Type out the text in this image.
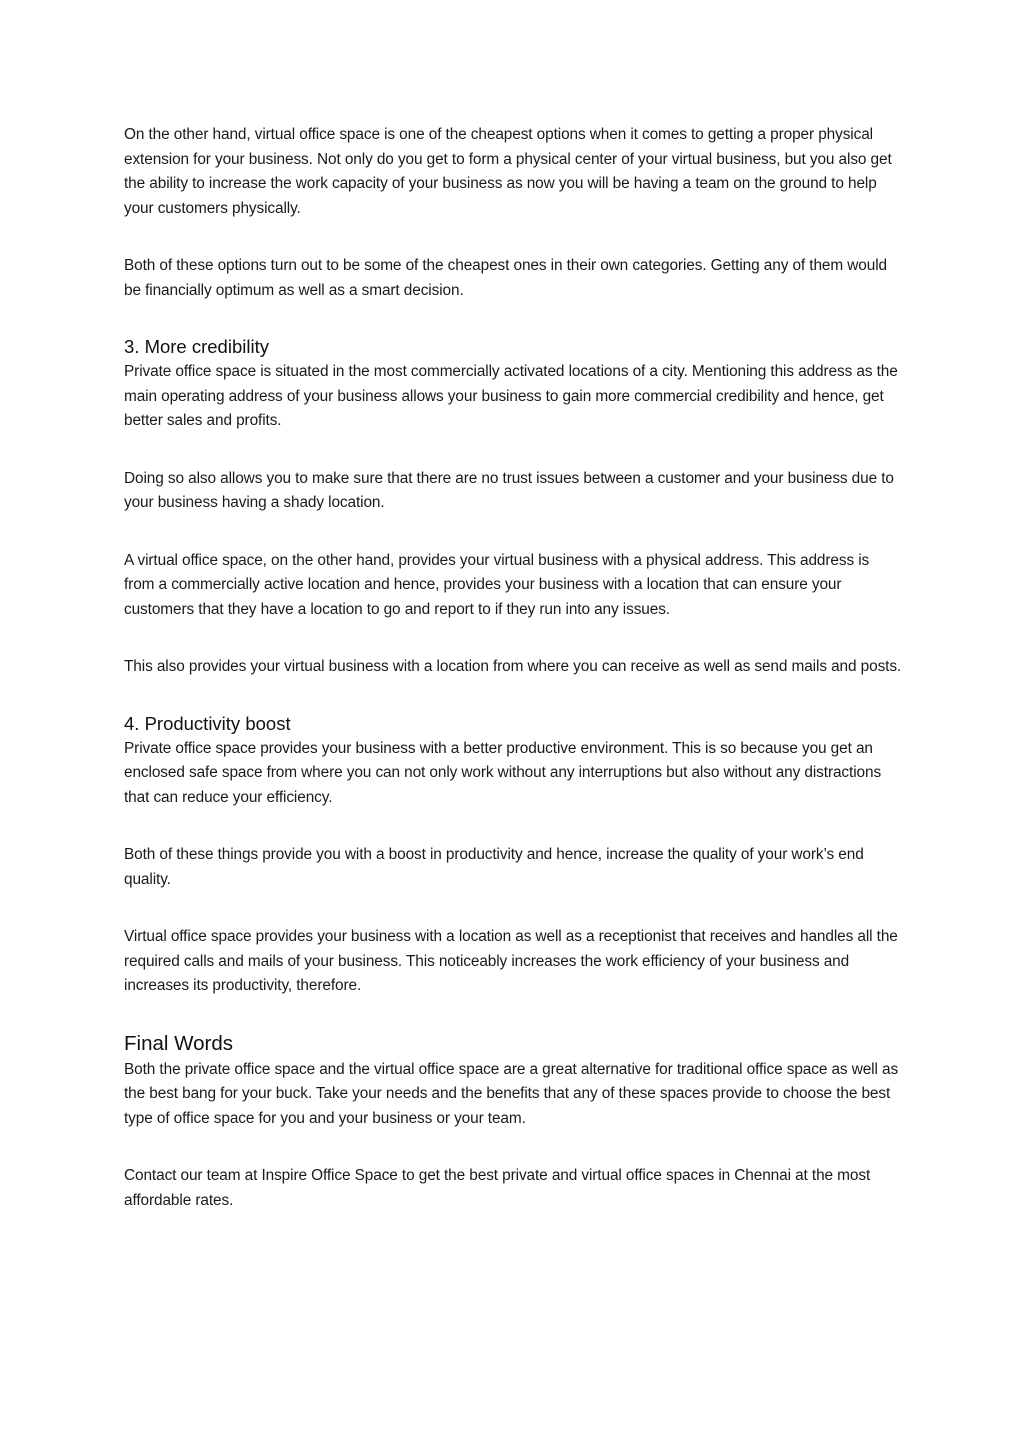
On the other hand, virtual office space is one of the cheapest options when it comes to getting a proper physical extension for your business. Not only do you get to form a physical center of your virtual business, but you also get the ability to increase the work capacity of your business as now you will be having a team on the ground to help your customers physically.

Both of these options turn out to be some of the cheapest ones in their own categories. Getting any of them would be financially optimum as well as a smart decision.

3. More credibility

Private office space is situated in the most commercially activated locations of a city. Mentioning this address as the main operating address of your business allows your business to gain more commercial credibility and hence, get better sales and profits.

Doing so also allows you to make sure that there are no trust issues between a customer and your business due to your business having a shady location.

A virtual office space, on the other hand, provides your virtual business with a physical address. This address is from a commercially active location and hence, provides your business with a location that can ensure your customers that they have a location to go and report to if they run into any issues.

This also provides your virtual business with a location from where you can receive as well as send mails and posts.

4. Productivity boost

Private office space provides your business with a better productive environment. This is so because you get an enclosed safe space from where you can not only work without any interruptions but also without any distractions that can reduce your efficiency.

Both of these things provide you with a boost in productivity and hence, increase the quality of your work’s end quality.

Virtual office space provides your business with a location as well as a receptionist that receives and handles all the required calls and mails of your business. This noticeably increases the work efficiency of your business and increases its productivity, therefore.

Final Words

Both the private office space and the virtual office space are a great alternative for traditional office space as well as the best bang for your buck. Take your needs and the benefits that any of these spaces provide to choose the best type of office space for you and your business or your team.

Contact our team at Inspire Office Space to get the best private and virtual office spaces in Chennai at the most affordable rates.
